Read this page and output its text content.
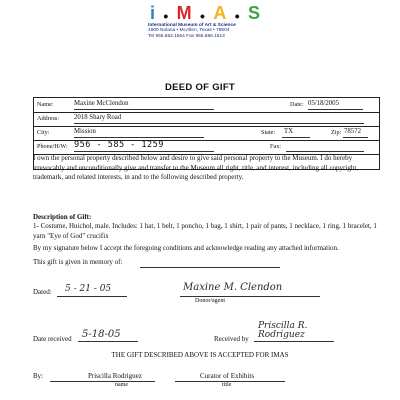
i • M • A • S
International Museum of Art & Science
1900 Nolana • McAllen, Texas • 78504
Tel 956.682.1564 Fax 956.686.1813
DEED OF GIFT
Name:	Maxine McClendon	Date: 05/18/2005
Address: 2018 Shary Road
City:	Mission	State: TX	Zip: 78572
Phone/H/W: 956 - 585 - 1259	Fax:
I own the personal property described below and desire to give said personal property to the Museum. I do hereby irrevocably and unconditionally give and transfer to the Museum all right, title, and interest, including all copyright, trademark, and related interests, in and to the following described property.
Description of Gift:
1- Costume, Huichol, male. Includes: 1 hat, 1 belt, 1 poncho, 1 bag, 1 shirt, 1 pair of pants, 1 necklace, 1 ring, 1 bracelet, 1 yarn "Eye of God" crucifix
By my signature below I accept the foregoing conditions and acknowledge reading any attached information.
This gift is given in memory of:
Dated: 5 - 21 - 05	Maxine M. Clendon
Donor/agent
Date received 5-18-05	Received by
Priscilla R. Rodriguez
THE GIFT DESCRIBED ABOVE IS ACCEPTED FOR IMAS
By:	Priscilla Rodriguez
name
Curator of Exhibits
title
